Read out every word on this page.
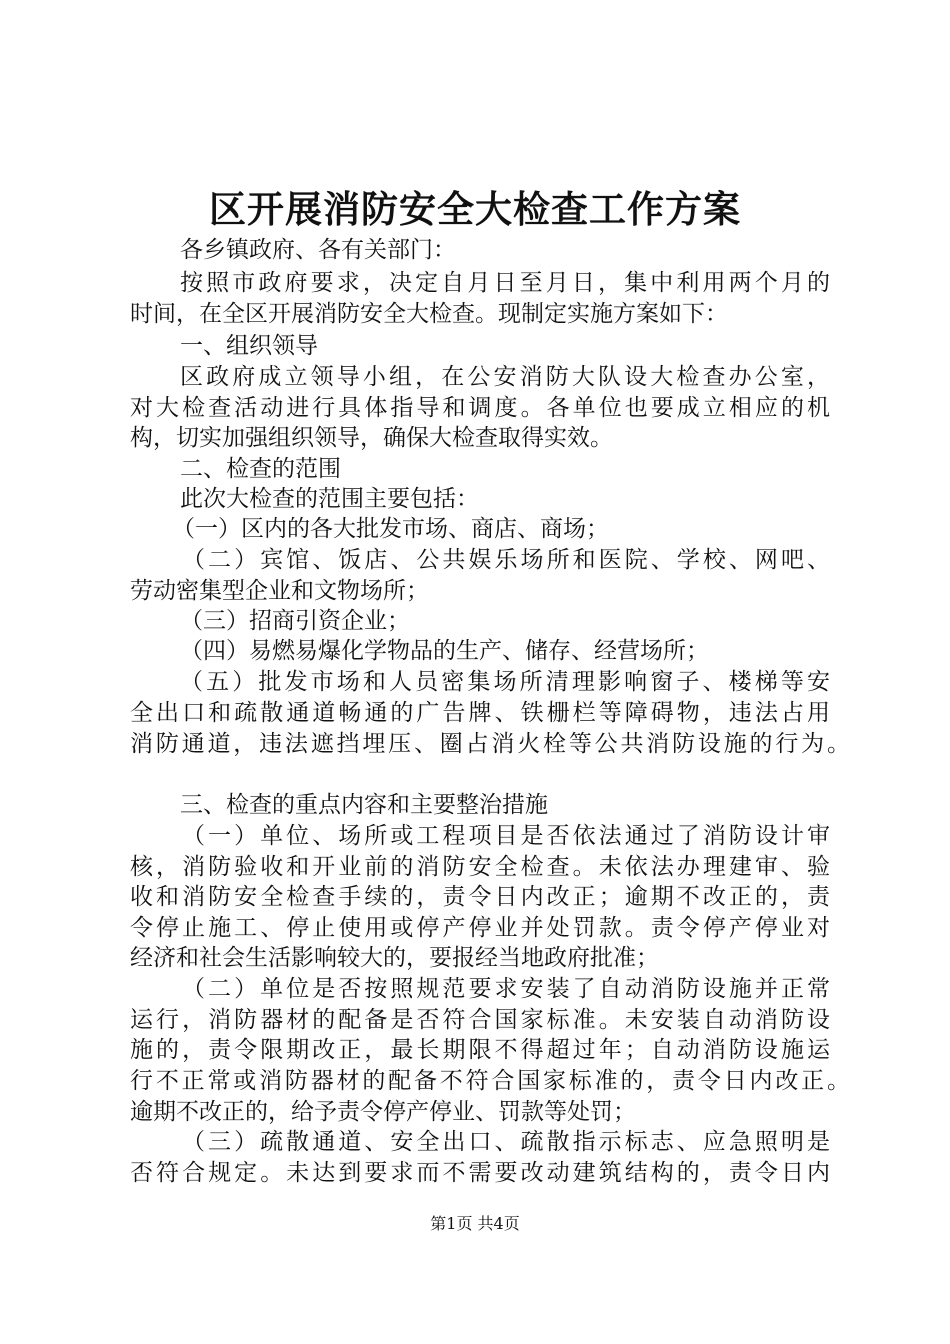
区开展消防安全大检查工作方案
各乡镇政府、各有关部门：
按照市政府要求，决定自月日至月日，集中利用两个月的
时间，在全区开展消防安全大检查。现制定实施方案如下：
一、组织领导
区政府成立领导小组，在公安消防大队设大检查办公室，
对大检查活动进行具体指导和调度。各单位也要成立相应的机
构，切实加强组织领导，确保大检查取得实效。
二、检查的范围
此次大检查的范围主要包括：
（一）区内的各大批发市场、商店、商场；
（二）宾馆、饭店、公共娱乐场所和医院、学校、网吧、
劳动密集型企业和文物场所；
（三）招商引资企业；
（四）易燃易爆化学物品的生产、储存、经营场所；
（五）批发市场和人员密集场所清理影响窗子、楼梯等安
全出口和疏散通道畅通的广告牌、铁栅栏等障碍物，违法占用
消防通道，违法遮挡埋压、圈占消火栓等公共消防设施的行为。
三、检查的重点内容和主要整治措施
（一）单位、场所或工程项目是否依法通过了消防设计审
核，消防验收和开业前的消防安全检查。未依法办理建审、验
收和消防安全检查手续的，责令日内改正；逾期不改正的，责
令停止施工、停止使用或停产停业并处罚款。责令停产停业对
经济和社会生活影响较大的，要报经当地政府批准；
（二）单位是否按照规范要求安装了自动消防设施并正常
运行，消防器材的配备是否符合国家标准。未安装自动消防设
施的，责令限期改正，最长期限不得超过年；自动消防设施运
行不正常或消防器材的配备不符合国家标准的，责令日内改正。
逾期不改正的，给予责令停产停业、罚款等处罚；
（三）疏散通道、安全出口、疏散指示标志、应急照明是
否符合规定。未达到要求而不需要改动建筑结构的，责令日内
第1页 共4页
